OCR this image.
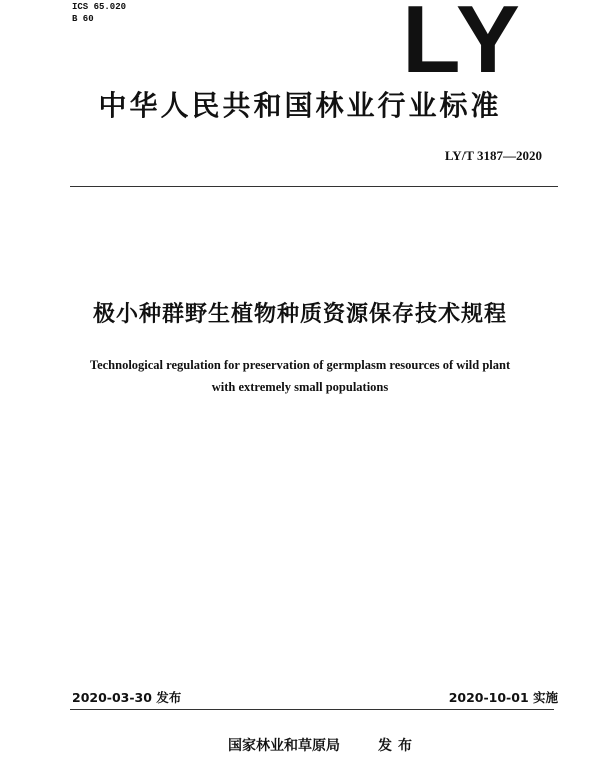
ICS 65.020
B 60	LY
中华人民共和国林业行业标准
LY/T 3187—2020
极小种群野生植物种质资源保存技术规程
Technological regulation for preservation of germplasm resources of wild plant
with extremely small populations
2020-03-30 发布	2020-10-01 实施
国家林业和草原局	发布
